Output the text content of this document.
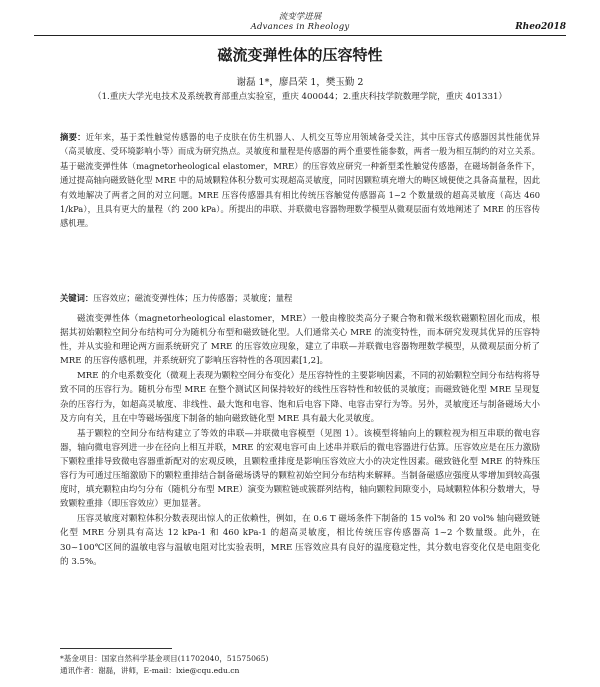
流变学进展
Advances in Rheology	Rheo2018
磁流变弹性体的压容特性
谢磊 1*，廖昌荣 1，樊玉勤 2
（1.重庆大学光电技术及系统教育部重点实验室，重庆 400044；2.重庆科技学院数理学院，重庆 401331）
摘要：近年来，基于柔性触觉传感器的电子皮肤在仿生机器人、人机交互等应用领域备受关注，其中压容式传感器因其性能优异（高灵敏度、受环境影响小等）而成为研究热点。灵敏度和量程是传感器的两个重要性能参数，两者一般为相互制约的对立关系。基于磁流变弹性体（magnetorheological elastomer，MRE）的压容效应研究一种新型柔性触觉传感器，在磁场制备条件下，通过提高轴向磁致链化型 MRE 中的局域颗粒体积分数可实现超高灵敏度，同时因颗粒填充增大的畴区域便使之具备高量程，因此有效地解决了两者之间的对立问题。MRE 压容传感器具有相比传统压容触觉传感器高 1~2 个数量级的超高灵敏度（高达 460 1/kPa），且具有更大的量程（约 200 kPa）。所提出的串联、并联微电容器物理数学模型从微观层面有效地阐述了 MRE 的压容传感机理。
关键词：压容效应；磁流变弹性体；压力传感器；灵敏度；量程

磁流变弹性体（magnetorheological elastomer，MRE）一般由橡胶类高分子聚合物和微米级软磁颗粒固化而成，根据其初始颗粒空间分布结构可分为随机分布型和磁致链化型。人们通常关心 MRE 的流变特性，而本研究发现其优异的压容特性，并从实验和理论两方面系统研究了 MRE 的压容效应现象，建立了串联—并联微电容器物理数学模型，从微观层面分析了 MRE 的压容传感机理，并系统研究了影响压容特性的各项因素[1,2]。

MRE 的介电系数变化（微观上表现为颗粒空间分布变化）是压容特性的主要影响因素，不同的初始颗粒空间分布结构将导致不同的压容行为。随机分布型 MRE 在整个测试区间保持较好的线性压容特性和较低的灵敏度；而磁致链化型 MRE 呈现复杂的压容行为，如超高灵敏度、非线性、最大饱和电容、饱和后电容下降、电容击穿行为等。另外，灵敏度还与制备磁场大小及方向有关，且在中等磁场强度下制备的轴向磁致链化型 MRE 具有最大化灵敏度。

基于颗粒的空间分布结构建立了等效的串联—并联微电容模型（见图 1）。该模型将轴向上的颗粒视为相互串联的微电容器，轴向微电容列进一步在径向上相互并联，MRE 的宏观电容可由上述串并联后的微电容器进行估算。压容效应是在压力激励下颗粒重排导致微电容器重新配对的宏观反映，且颗粒重排度是影响压容效应大小的决定性因素。磁致链化型 MRE 的特殊压容行为可通过压缩激励下的颗粒重排结合制备磁场诱导的颗粒初始空间分布结构来解释。当制备磁感应强度从零增加到较高强度时，填充颗粒由均匀分布（随机分布型 MRE）演变为颗粒链或簇群列结构，轴向颗粒间隙变小，局域颗粒体积分数增大，导致颗粒重排（即压容效应）更加显著。

压容灵敏度对颗粒体积分数表现出惊人的正依赖性，例如，在 0.6 T 磁场条件下制备的 15 vol% 和 20 vol% 轴向磁致链化型 MRE 分别具有高达 12 kPa-1 和 460 kPa-1 的超高灵敏度，相比传统压容传感器高 1~2 个数量级。此外，在 30~100℃区间的温敏电容与温敏电阻对比实验表明，MRE 压容效应具有良好的温度稳定性，其分数电容变化仅是电阻变化的 3.5%。

*基金项目：国家自然科学基金项目(11702040，51575065)
通讯作者：谢磊，讲师，E-mail：lxie@cqu.edu.cn
